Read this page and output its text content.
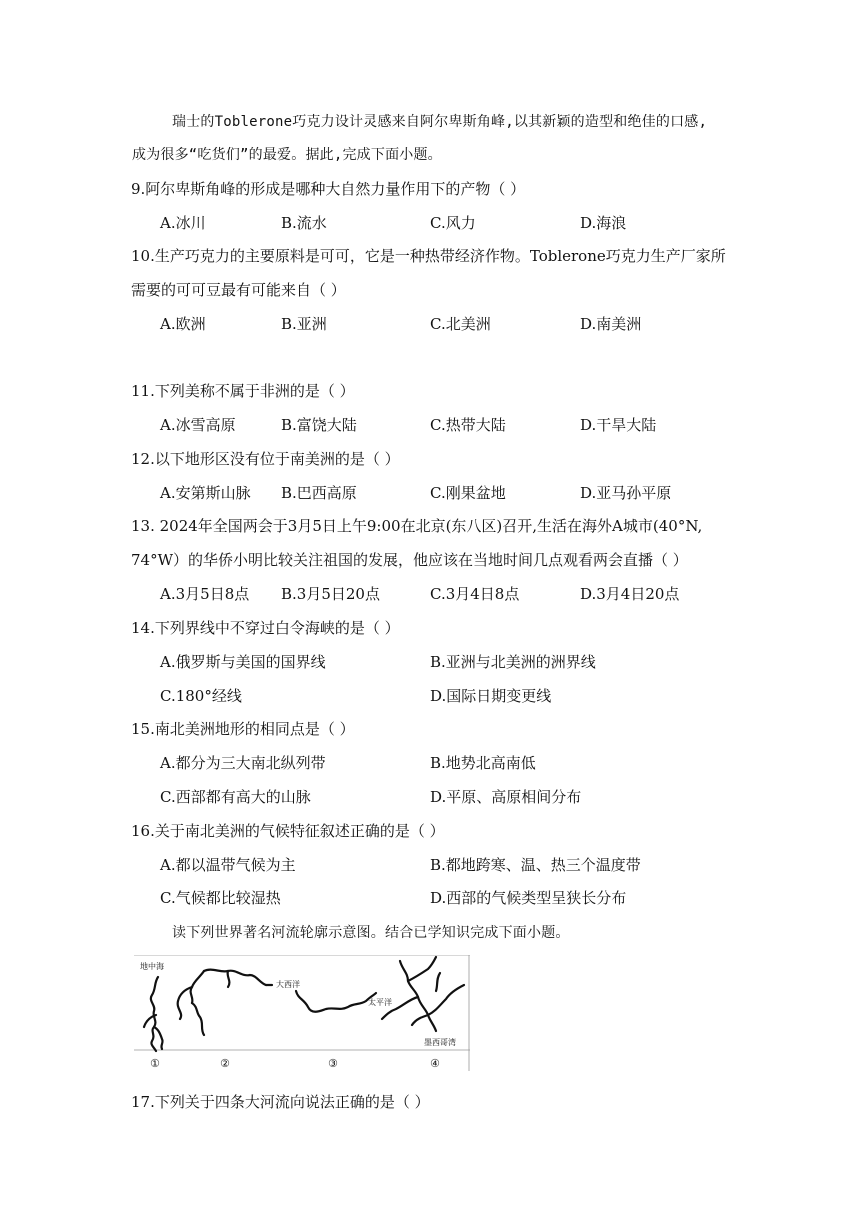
瑞士的Toblerone巧克力设计灵感来自阿尔卑斯角峰,以其新颖的造型和绝佳的口感,
成为很多“吃货们”的最爱。据此,完成下面小题。
9.阿尔卑斯角峰的形成是哪种大自然力量作用下的产物（ ）
A.冰川	B.流水	C.风力	D.海浪
10.生产巧克力的主要原料是可可，它是一种热带经济作物。Toblerone巧克力生产厂家所
需要的可可豆最有可能来自（ ）
A.欧洲	B.亚洲	C.北美洲	D.南美洲
11.下列美称不属于非洲的是（ ）
A.冰雪高原	B.富饶大陆	C.热带大陆	D.干旱大陆
12.以下地形区没有位于南美洲的是（ ）
A.安第斯山脉 B.巴西高原	C.刚果盆地	D.亚马孙平原
13. 2024年全国两会于3月5日上午9:00在北京(东八区)召开,生活在海外A城市(40°N,
74°W）的华侨小明比较关注祖国的发展，他应该在当地时间几点观看两会直播（ ）
A.3月5日8点 B.3月5日20点	C.3月4日8点	D.3月4日20点
14.下列界线中不穿过白令海峡的是（ ）
A.俄罗斯与美国的国界线	B.亚洲与北美洲的洲界线
C.180°经线	D.国际日期变更线
15.南北美洲地形的相同点是（ ）
A.都分为三大南北纵列带	B.地势北高南低
C.西部都有高大的山脉	D.平原、高原相间分布
16.关于南北美洲的气候特征叙述正确的是（ ）
A.都以温带气候为主	B.都地跨寒、温、热三个温度带
C.气候都比较湿热	D.西部的气候类型呈狭长分布
读下列世界著名河流轮廓示意图。结合已学知识完成下面小题。
地中海
大西洋
太平洋
墨西哥湾
①	②	③	④
17.下列关于四条大河流向说法正确的是（ ）
